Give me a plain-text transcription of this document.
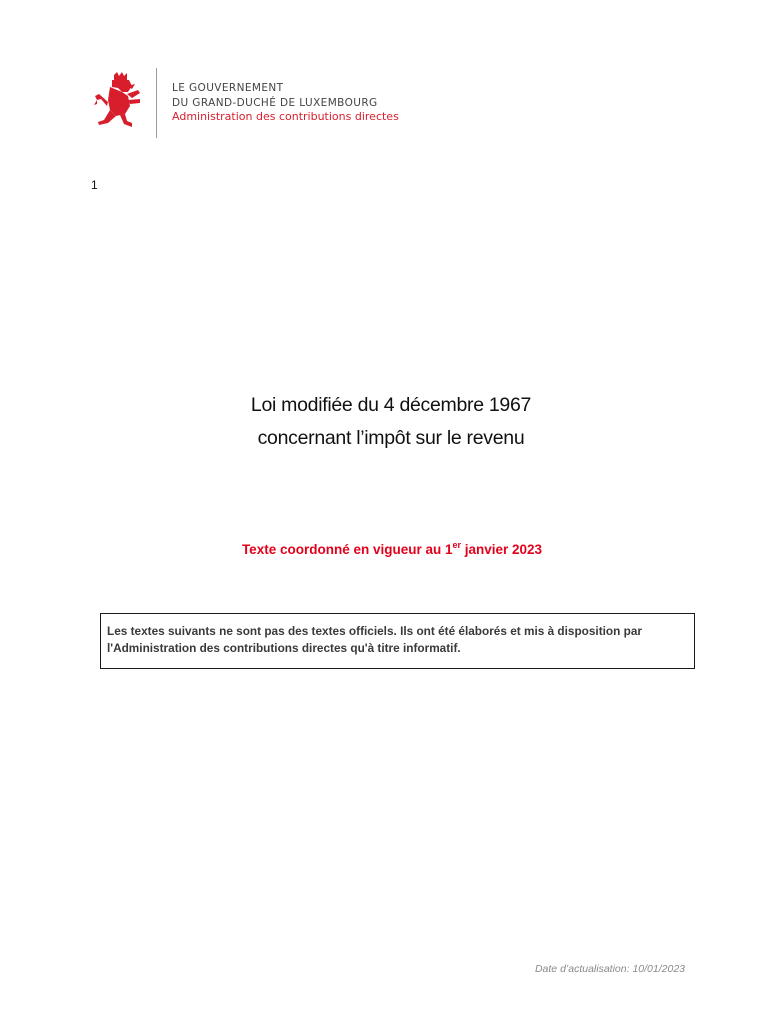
LE GOUVERNEMENT
DU GRAND-DUCHÉ DE LUXEMBOURG
Administration des contributions directes
1
Loi modifiée du 4 décembre 1967
concernant l’impôt sur le revenu
Texte coordonné en vigueur au 1er janvier 2023
Les textes suivants ne sont pas des textes officiels. Ils ont été élaborés et mis à disposition par l'Administration des contributions directes qu'à titre informatif.
Date d’actualisation: 10/01/2023
